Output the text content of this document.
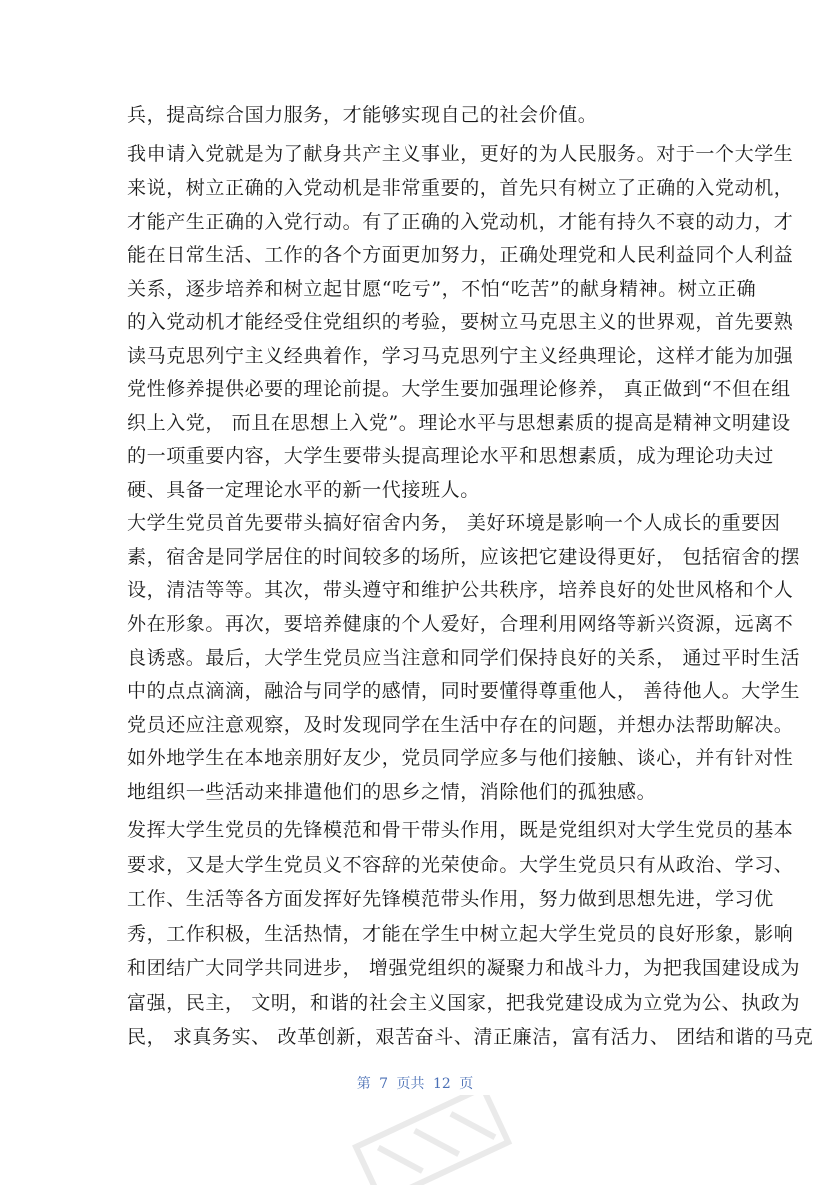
兵，提高综合国力服务，才能够实现自己的社会价值。
我申请入党就是为了献身共产主义事业，更好的为人民服务。对于一个大学生
来说，树立正确的入党动机是非常重要的，首先只有树立了正确的入党动机，
才能产生正确的入党行动。有了正确的入党动机，才能有持久不衰的动力，才
能在日常生活、工作的各个方面更加努力，正确处理党和人民利益同个人利益
关系，逐步培养和树立起甘愿“吃亏”，不怕“吃苦”的献身精神。树立正确
的入党动机才能经受住党组织的考验，要树立马克思主义的世界观，首先要熟
读马克思列宁主义经典着作，学习马克思列宁主义经典理论，这样才能为加强
党性修养提供必要的理论前提。大学生要加强理论修养， 真正做到“不但在组
织上入党， 而且在思想上入党”。理论水平与思想素质的提高是精神文明建设
的一项重要内容，大学生要带头提高理论水平和思想素质，成为理论功夫过
硬、具备一定理论水平的新一代接班人。
大学生党员首先要带头搞好宿舍内务， 美好环境是影响一个人成长的重要因
素，宿舍是同学居住的时间较多的场所，应该把它建设得更好， 包括宿舍的摆
设，清洁等等。其次，带头遵守和维护公共秩序，培养良好的处世风格和个人
外在形象。再次，要培养健康的个人爱好，合理利用网络等新兴资源，远离不
良诱惑。最后，大学生党员应当注意和同学们保持良好的关系， 通过平时生活
中的点点滴滴，融洽与同学的感情，同时要懂得尊重他人， 善待他人。大学生
党员还应注意观察，及时发现同学在生活中存在的问题，并想办法帮助解决。
如外地学生在本地亲朋好友少，党员同学应多与他们接触、谈心，并有针对性
地组织一些活动来排遣他们的思乡之情，消除他们的孤独感。
发挥大学生党员的先锋模范和骨干带头作用，既是党组织对大学生党员的基本
要求，又是大学生党员义不容辞的光荣使命。大学生党员只有从政治、学习、
工作、生活等各方面发挥好先锋模范带头作用，努力做到思想先进，学习优
秀，工作积极，生活热情，才能在学生中树立起大学生党员的良好形象，影响
和团结广大同学共同进步， 增强党组织的凝聚力和战斗力，为把我国建设成为
富强，民主， 文明，和谐的社会主义国家，把我党建设成为立党为公、执政为
民， 求真务实、 改革创新，艰苦奋斗、清正廉洁，富有活力、 团结和谐的马克
第 7 页共 12 页
